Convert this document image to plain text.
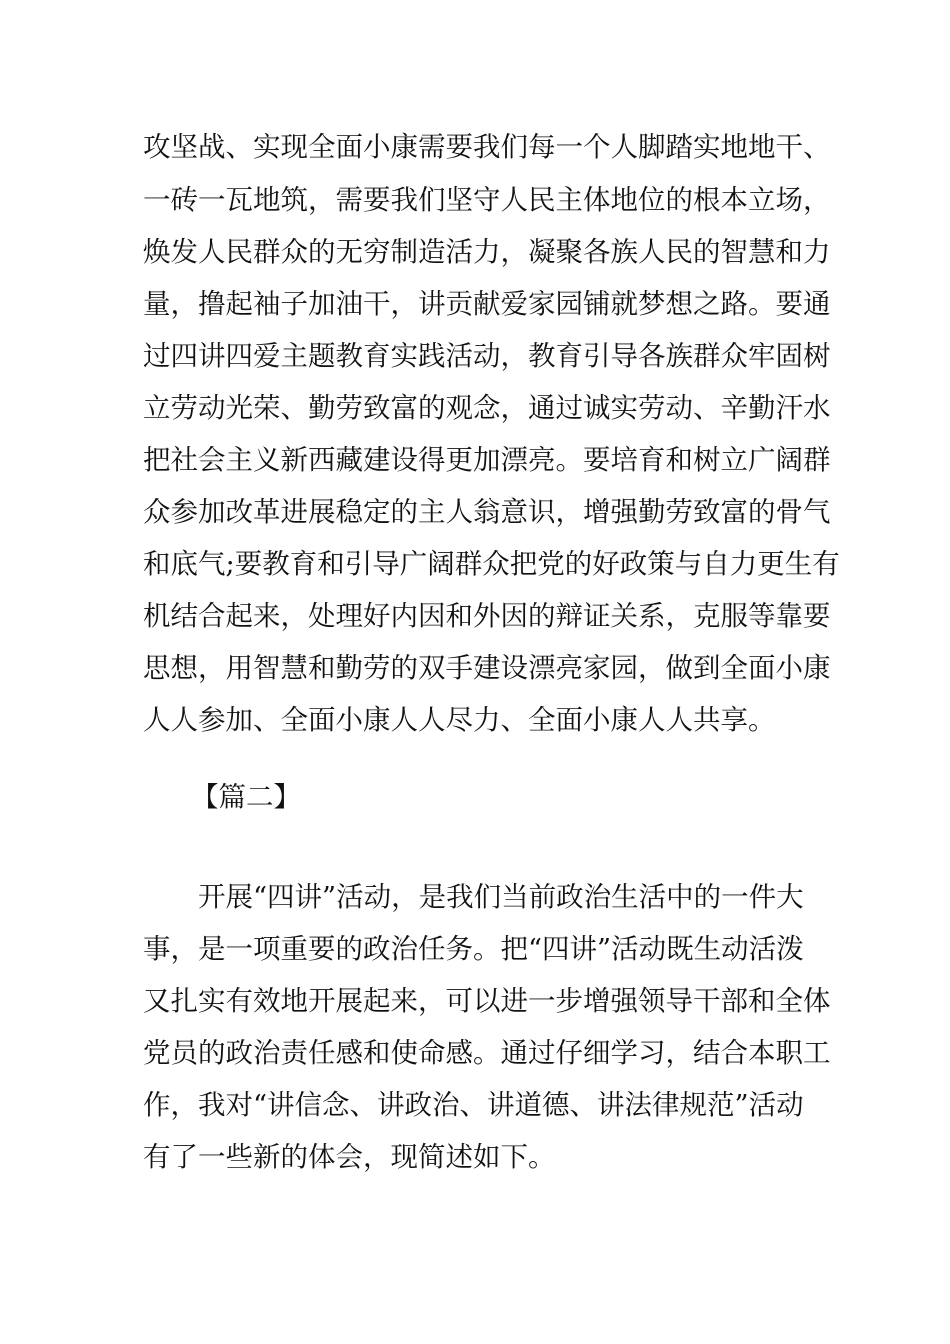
攻坚战、实现全面小康需要我们每一个人脚踏实地地干、
一砖一瓦地筑，需要我们坚守人民主体地位的根本立场，
焕发人民群众的无穷制造活力，凝聚各族人民的智慧和力
量，撸起袖子加油干，讲贡献爱家园铺就梦想之路。要通
过四讲四爱主题教育实践活动，教育引导各族群众牢固树
立劳动光荣、勤劳致富的观念，通过诚实劳动、辛勤汗水
把社会主义新西藏建设得更加漂亮。要培育和树立广阔群
众参加改革进展稳定的主人翁意识，增强勤劳致富的骨气
和底气;要教育和引导广阔群众把党的好政策与自力更生有
机结合起来，处理好内因和外因的辩证关系，克服等靠要
思想，用智慧和勤劳的双手建设漂亮家园，做到全面小康
人人参加、全面小康人人尽力、全面小康人人共享。
【篇二】
开展“四讲”活动，是我们当前政治生活中的一件大
事，是一项重要的政治任务。把“四讲”活动既生动活泼
又扎实有效地开展起来，可以进一步增强领导干部和全体
党员的政治责任感和使命感。通过仔细学习，结合本职工
作，我对“讲信念、讲政治、讲道德、讲法律规范”活动
有了一些新的体会，现简述如下。
